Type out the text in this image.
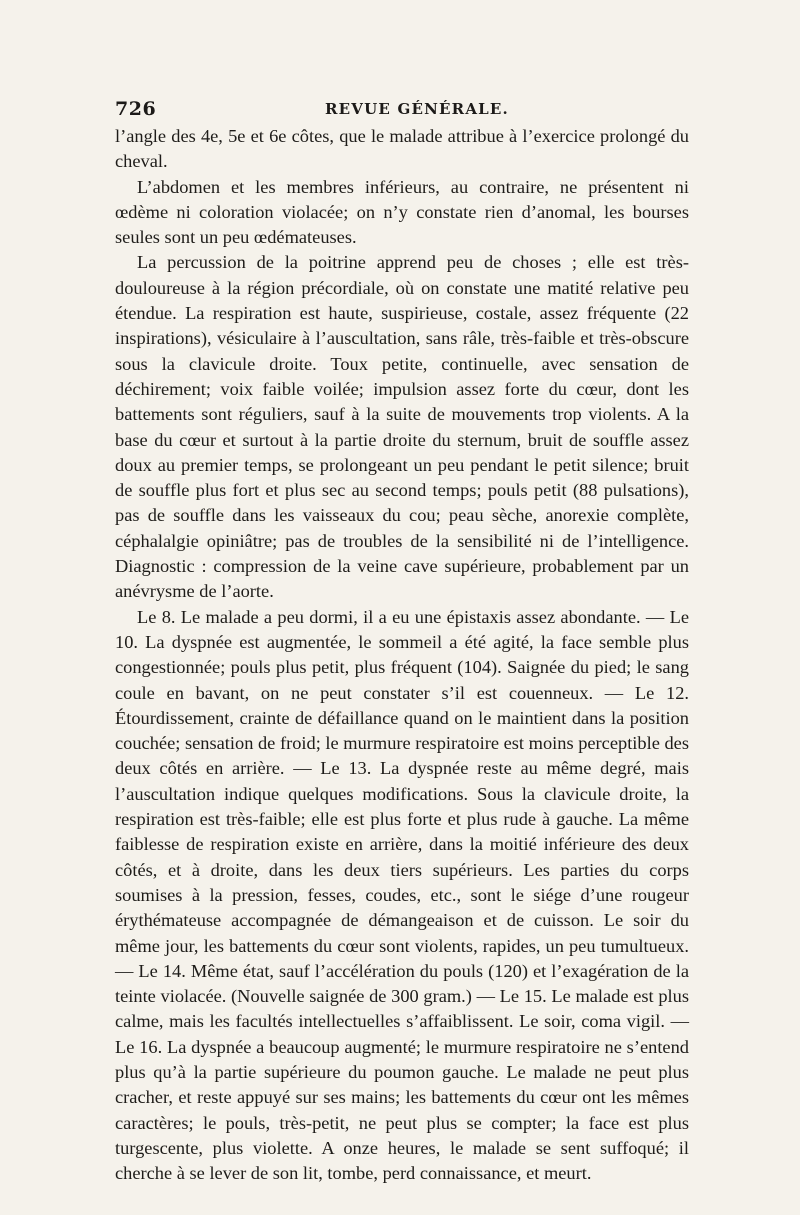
726	REVUE GÉNÉRALE.

l’angle des 4e, 5e et 6e côtes, que le malade attribue à l’exercice prolongé du cheval.

L’abdomen et les membres inférieurs, au contraire, ne présentent ni œdème ni coloration violacée; on n’y constate rien d’anomal, les bourses seules sont un peu œdémateuses.

La percussion de la poitrine apprend peu de choses ; elle est très-douloureuse à la région précordiale, où on constate une matité relative peu étendue. La respiration est haute, suspirieuse, costale, assez fréquente (22 inspirations), vésiculaire à l’auscultation, sans râle, très-faible et très-obscure sous la clavicule droite. Toux petite, continuelle, avec sensation de déchirement; voix faible voilée; impulsion assez forte du cœur, dont les battements sont réguliers, sauf à la suite de mouvements trop violents. A la base du cœur et surtout à la partie droite du sternum, bruit de souffle assez doux au premier temps, se prolongeant un peu pendant le petit silence; bruit de souffle plus fort et plus sec au second temps; pouls petit (88 pulsations), pas de souffle dans les vaisseaux du cou; peau sèche, anorexie complète, céphalalgie opiniâtre; pas de troubles de la sensibilité ni de l’intelligence. Diagnostic : compression de la veine cave supérieure, probablement par un anévrysme de l’aorte.

Le 8. Le malade a peu dormi, il a eu une épistaxis assez abondante. — Le 10. La dyspnée est augmentée, le sommeil a été agité, la face semble plus congestionnée; pouls plus petit, plus fréquent (104). Saignée du pied; le sang coule en bavant, on ne peut constater s’il est couenneux. — Le 12. Étourdissement, crainte de défaillance quand on le maintient dans la position couchée; sensation de froid; le murmure respiratoire est moins perceptible des deux côtés en arrière. — Le 13. La dyspnée reste au même degré, mais l’auscultation indique quelques modifications. Sous la clavicule droite, la respiration est très-faible; elle est plus forte et plus rude à gauche. La même faiblesse de respiration existe en arrière, dans la moitié inférieure des deux côtés, et à droite, dans les deux tiers supérieurs. Les parties du corps soumises à la pression, fesses, coudes, etc., sont le siége d’une rougeur érythémateuse accompagnée de démangeaison et de cuisson. Le soir du même jour, les battements du cœur sont violents, rapides, un peu tumultueux. — Le 14. Même état, sauf l’accélération du pouls (120) et l’exagération de la teinte violacée. (Nouvelle saignée de 300 gram.) — Le 15. Le malade est plus calme, mais les facultés intellectuelles s’affaiblissent. Le soir, coma vigil. — Le 16. La dyspnée a beaucoup augmenté; le murmure respiratoire ne s’entend plus qu’à la partie supérieure du poumon gauche. Le malade ne peut plus cracher, et reste appuyé sur ses mains; les battements du cœur ont les mêmes caractères; le pouls, très-petit, ne peut plus se compter; la face est plus turgescente, plus violette. A onze heures, le malade se sent suffoqué; il cherche à se lever de son lit, tombe, perd connaissance, et meurt.
